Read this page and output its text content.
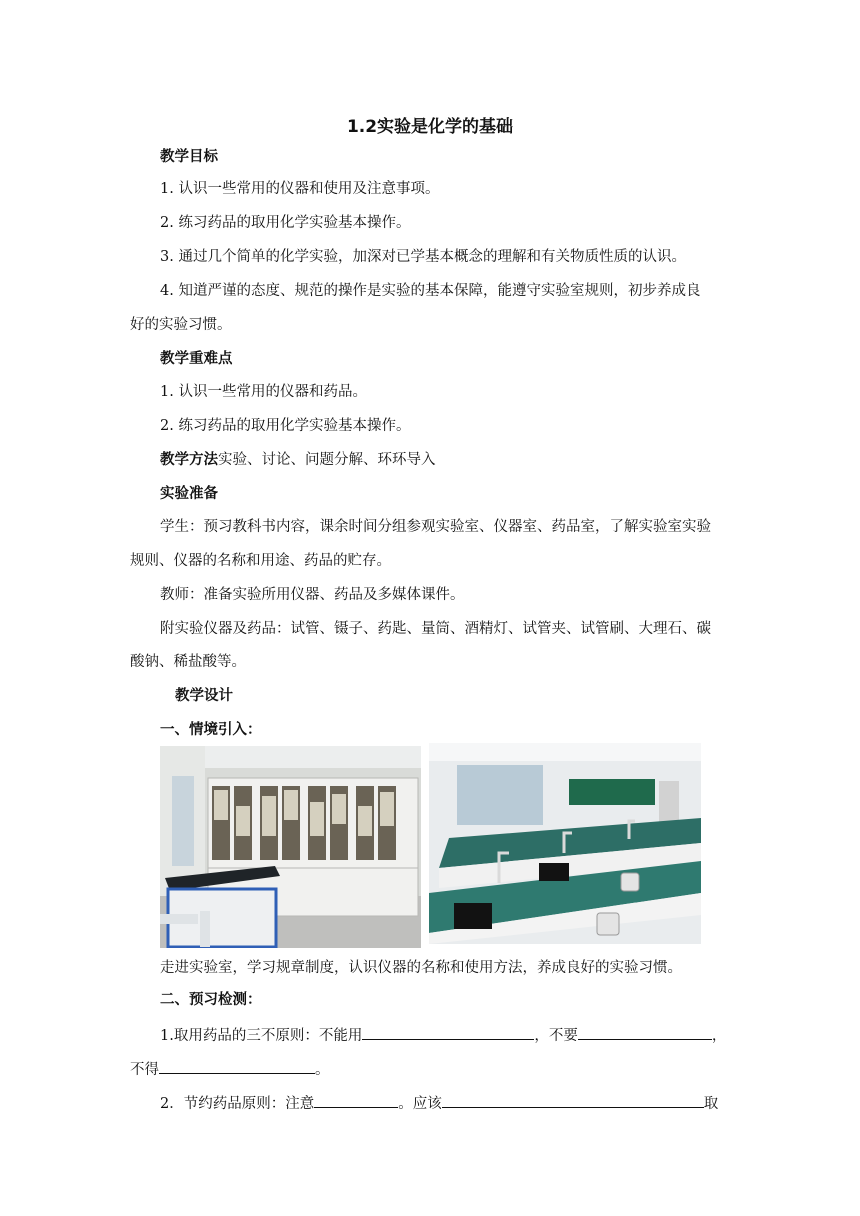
1.2实验是化学的基础
教学目标
1. 认识一些常用的仪器和使用及注意事项。
2. 练习药品的取用化学实验基本操作。
3. 通过几个简单的化学实验，加深对已学基本概念的理解和有关物质性质的认识。
4. 知道严谨的态度、规范的操作是实验的基本保障，能遵守实验室规则，初步养成良
好的实验习惯。
教学重难点
1. 认识一些常用的仪器和药品。
2. 练习药品的取用化学实验基本操作。
教学方法实验、讨论、问题分解、环环导入
实验准备
学生：预习教科书内容，课余时间分组参观实验室、仪器室、药品室，了解实验室实验
规则、仪器的名称和用途、药品的贮存。
教师：准备实验所用仪器、药品及多媒体课件。
附实验仪器及药品：试管、镊子、药匙、量筒、酒精灯、试管夹、试管刷、大理石、碳
酸钠、稀盐酸等。
教学设计
一、情境引入：
走进实验室，学习规章制度，认识仪器的名称和使用方法，养成良好的实验习惯。
二、预习检测：
1.取用药品的三不原则：不能用	，不要	，
不得	。
2．节约药品原则：注意	。应该	取
